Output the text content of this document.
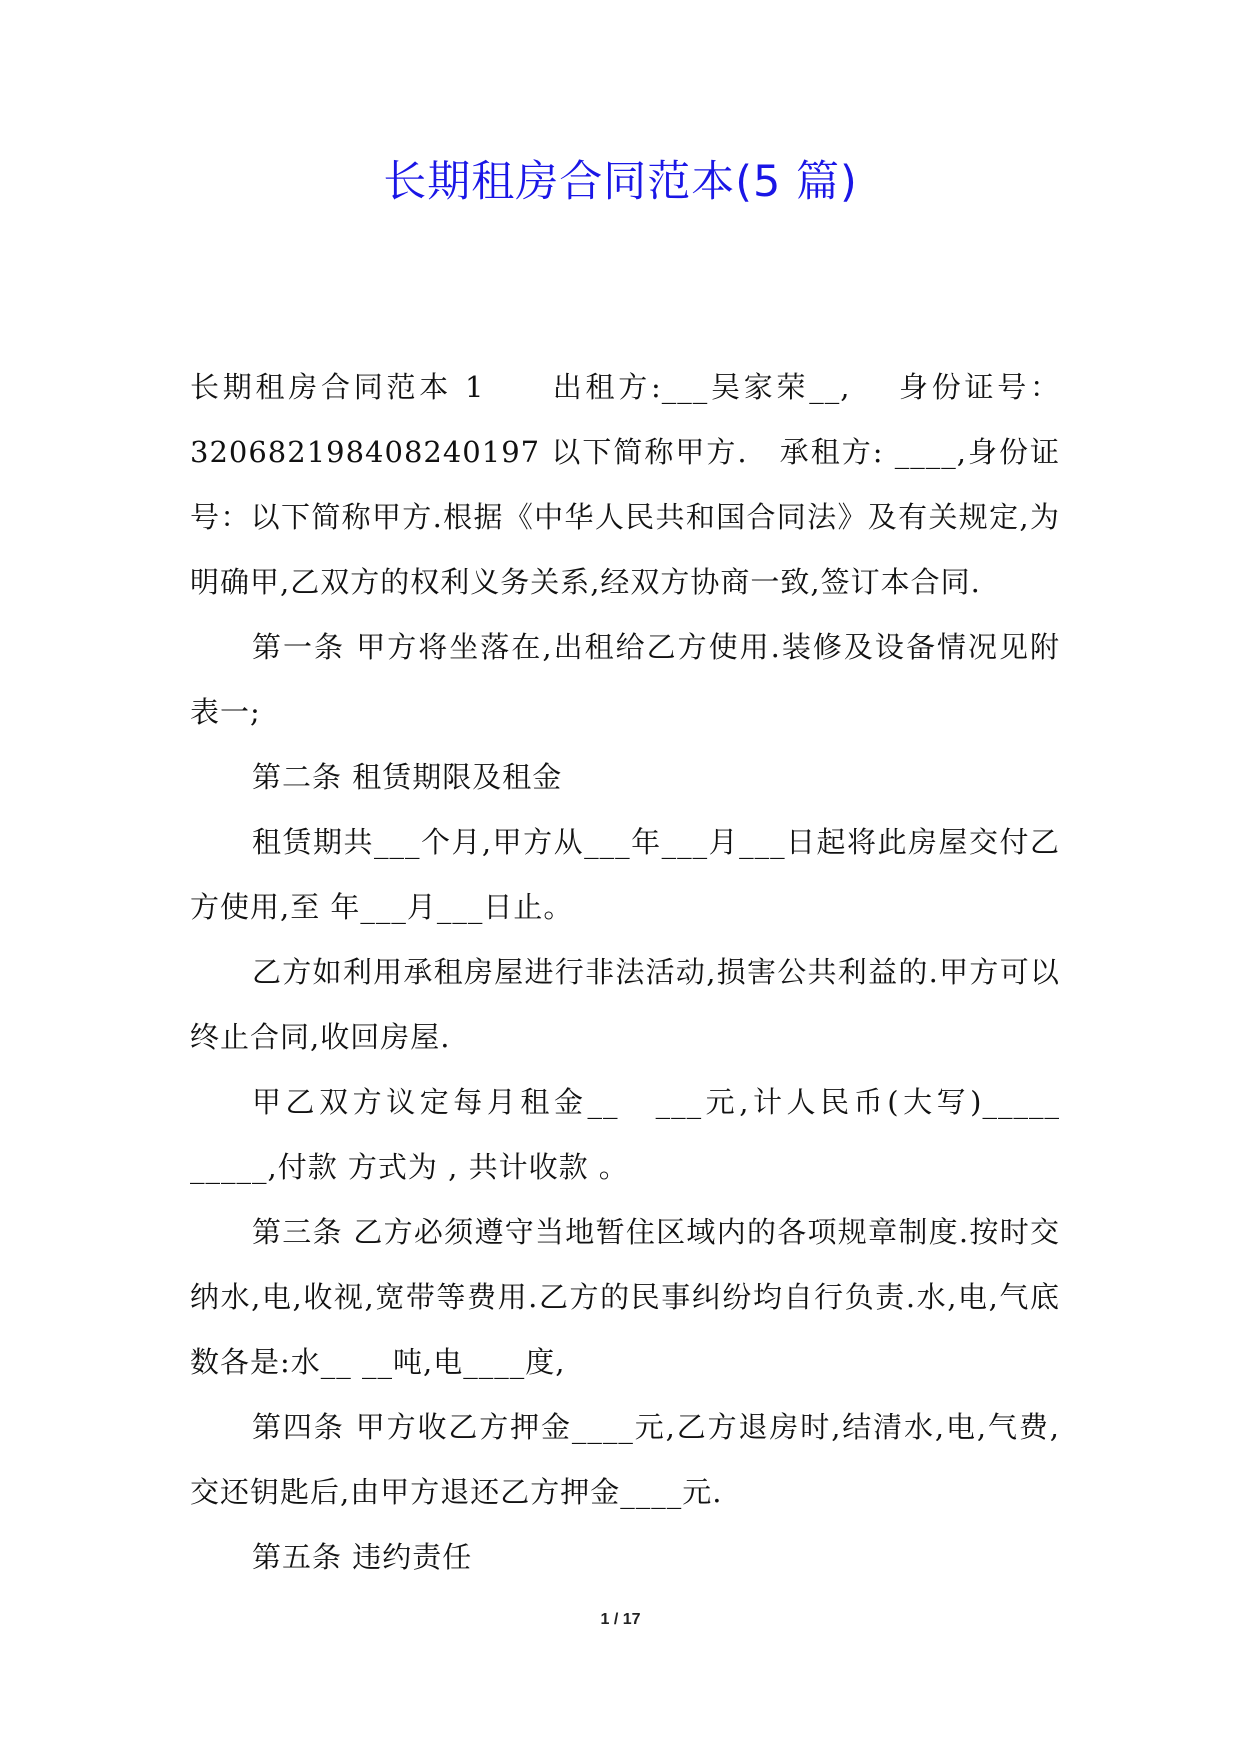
长期租房合同范本(5 篇)

长期租房合同范本 1　　出租方:___吴家荣__,　 身份证号：320682198408240197 以下简称甲方.　承租方: ____,身份证号：以下简称甲方.根据《中华人民共和国合同法》及有关规定,为明确甲,乙双方的权利义务关系,经双方协商一致,签订本合同.

第一条 甲方将坐落在,出租给乙方使用.装修及设备情况见附表一;

第二条 租赁期限及租金

租赁期共___个月,甲方从___年___月___日起将此房屋交付乙方使用,至 年___月___日止。

乙方如利用承租房屋进行非法活动,损害公共利益的.甲方可以终止合同,收回房屋.

甲乙双方议定每月租金__　___元,计人民币(大写)_____ _____,付款 方式为 , 共计收款 。

第三条 乙方必须遵守当地暂住区域内的各项规章制度.按时交纳水,电,收视,宽带等费用.乙方的民事纠纷均自行负责.水,电,气底数各是:水__ __吨,电____度,

第四条 甲方收乙方押金____元,乙方退房时,结清水,电,气费,交还钥匙后,由甲方退还乙方押金____元.

第五条 违约责任

1 / 17
